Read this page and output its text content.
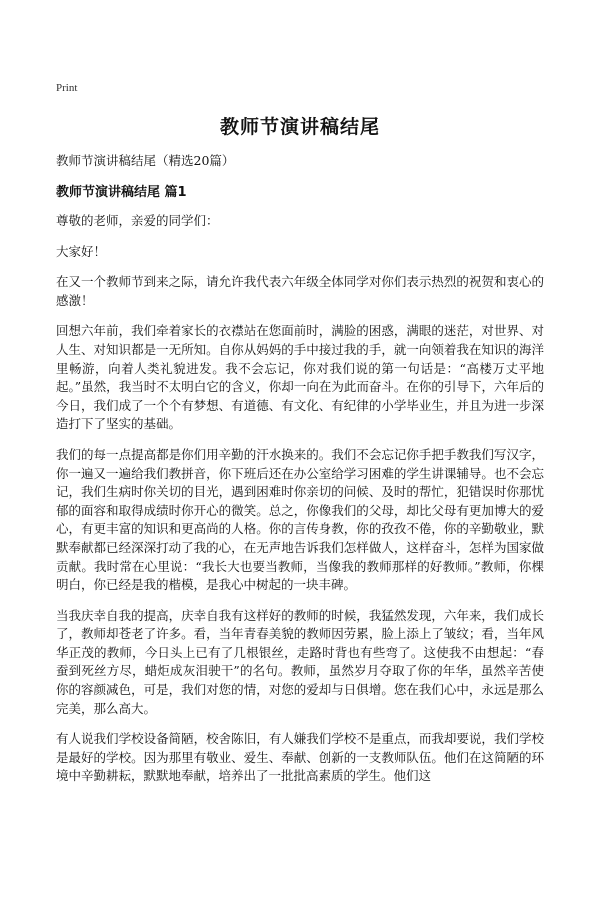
Print
教师节演讲稿结尾

教师节演讲稿结尾（精选20篇）

教师节演讲稿结尾 篇1

尊敬的老师，亲爱的同学们：

大家好！

在又一个教师节到来之际，请允许我代表六年级全体同学对你们表示热烈的祝贺和衷心的感激！

回想六年前，我们牵着家长的衣襟站在您面前时，满脸的困惑，满眼的迷茫，对世界、对人生、对知识都是一无所知。自你从妈妈的手中接过我的手，就一向领着我在知识的海洋里畅游，向着人类礼貌进发。我不会忘记，你对我们说的第一句话是：“高楼万丈平地起。”虽然，我当时不太明白它的含义，你却一向在为此而奋斗。在你的引导下，六年后的今日，我们成了一个个有梦想、有道德、有文化、有纪律的小学毕业生，并且为进一步深造打下了坚实的基础。

我们的每一点提高都是你们用辛勤的汗水换来的。我们不会忘记你手把手教我们写汉字，你一遍又一遍给我们教拼音，你下班后还在办公室给学习困难的学生讲课辅导。也不会忘记，我们生病时你关切的目光，遇到困难时你亲切的问候、及时的帮忙，犯错误时你那忧郁的面容和取得成绩时你开心的微笑。总之，你像我们的父母，却比父母有更加博大的爱心，有更丰富的知识和更高尚的人格。你的言传身教，你的孜孜不倦，你的辛勤敬业，默默奉献都已经深深打动了我的心，在无声地告诉我们怎样做人，这样奋斗，怎样为国家做贡献。我时常在心里说：“我长大也要当教师，当像我的教师那样的好教师。”教师，你棵明白，你已经是我的楷模，是我心中树起的一块丰碑。

当我庆幸自我的提高，庆幸自我有这样好的教师的时候，我猛然发现，六年来，我们成长了，教师却苍老了许多。看，当年青春美貌的教师因劳累，脸上添上了皱纹；看，当年风华正茂的教师，今日头上已有了几根银丝，走路时背也有些弯了。这使我不由想起：“春蚕到死丝方尽，蜡炬成灰泪驶干”的名句。教师，虽然岁月夺取了你的年华，虽然辛苦使你的容颜减色，可是，我们对您的情，对您的爱却与日俱增。您在我们心中，永远是那么完美，那么高大。

有人说我们学校设备简陋，校舍陈旧，有人嫌我们学校不是重点，而我却要说，我们学校是最好的学校。因为那里有敬业、爱生、奉献、创新的一支教师队伍。他们在这简陋的环境中辛勤耕耘，默默地奉献，培养出了一批批高素质的学生。他们这
